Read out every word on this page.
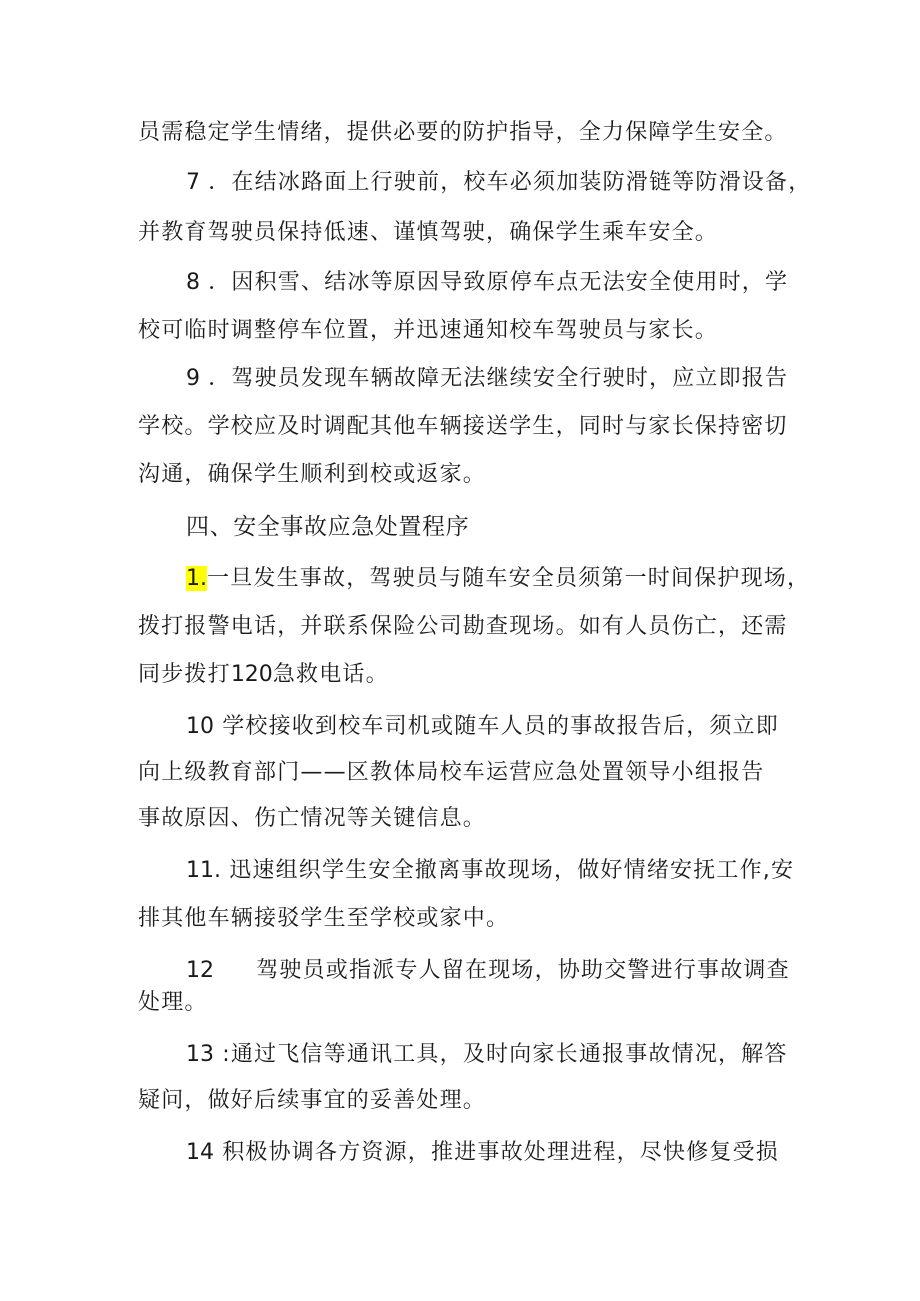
员需稳定学生情绪，提供必要的防护指导，全力保障学生安全。
7 ．在结冰路面上行驶前，校车必须加装防滑链等防滑设备，
并教育驾驶员保持低速、谨慎驾驶，确保学生乘车安全。
8 ．因积雪、结冰等原因导致原停车点无法安全使用时，学
校可临时调整停车位置，并迅速通知校车驾驶员与家长。
9 ．驾驶员发现车辆故障无法继续安全行驶时，应立即报告
学校。学校应及时调配其他车辆接送学生，同时与家长保持密切
沟通，确保学生顺利到校或返家。
四、安全事故应急处置程序
1.一旦发生事故，驾驶员与随车安全员须第一时间保护现场，
拨打报警电话，并联系保险公司勘查现场。如有人员伤亡，还需
同步拨打120急救电话。
10 学校接收到校车司机或随车人员的事故报告后，须立即
向上级教育部门——区教体局校车运营应急处置领导小组报告
事故原因、伤亡情况等关键信息。
11. 迅速组织学生安全撤离事故现场，做好情绪安抚工作,安
排其他车辆接驳学生至学校或家中。
12 驾驶员或指派专人留在现场，协助交警进行事故调查
处理。
13 :通过飞信等通讯工具，及时向家长通报事故情况，解答
疑问，做好后续事宜的妥善处理。
14 积极协调各方资源，推进事故处理进程，尽快修复受损
